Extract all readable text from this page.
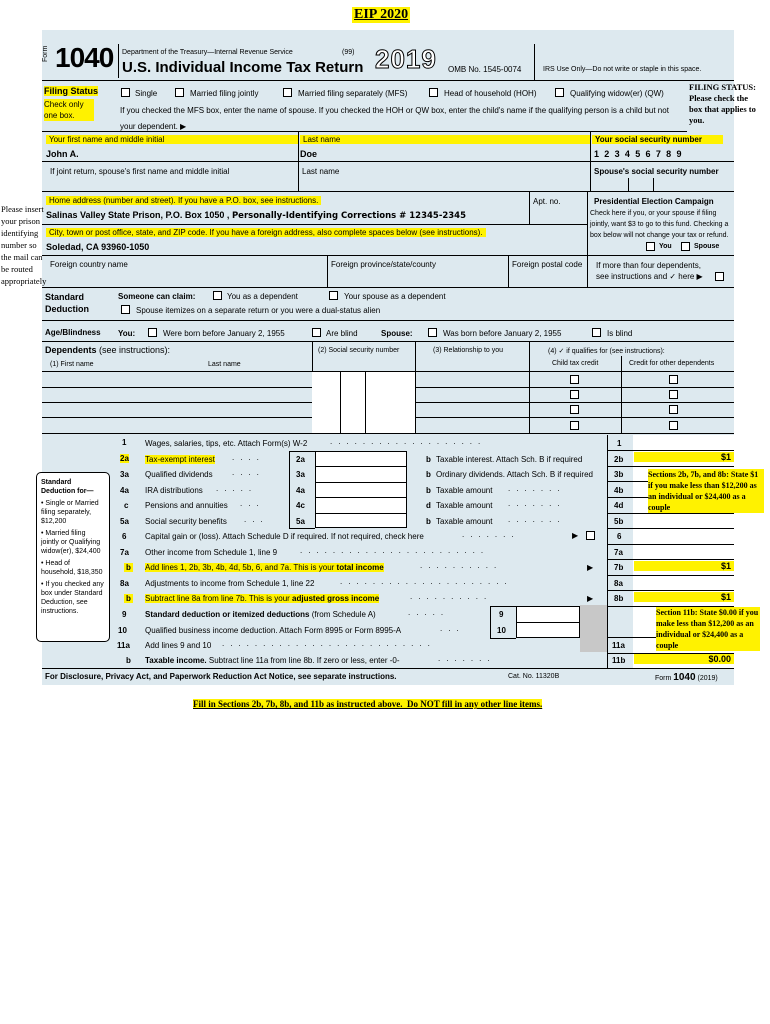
EIP 2020
Form 1040 Department of the Treasury—Internal Revenue Service	(99)
U.S. Individual Income Tax Return 2019 OMB No. 1545-0074	IRS Use Only—Do not write or staple in this space.
Filing Status
Check only one box.
Single	Married filing jointly	Married filing separately (MFS)	Head of household (HOH)	Qualifying widow(er) (QW)
If you checked the MFS box, enter the name of spouse. If you checked the HOH or QW box, enter the child's name if the qualifying person is a child but not your dependent. ▶
FILING STATUS: Please check the box that applies to you.
Your first name and middle initial	Last name	Your social security number
John A.	Doe	1 2 3 4 5 6 7 8 9
If joint return, spouse's first name and middle initial	Last name	Spouse's social security number
Please insert your prison identifying number so the mail can be routed appropriately
Home address (number and street). If you have a P.O. box, see instructions.
Salinas Valley State Prison, P.O. Box 1050 , Personally-Identifying Corrections # 12345-2345
Apt. no.
City, town or post office, state, and ZIP code. If you have a foreign address, also complete spaces below (see instructions).
Soledad, CA 93960-1050
Foreign country name	Foreign province/state/county	Foreign postal code
Presidential Election Campaign
Check here if you, or your spouse if filing jointly, want $3 to go to this fund. Checking a box below will not change your tax or refund.
You	Spouse
If more than four dependents, see instructions and ✓ here ▶
Standard Deduction
Someone can claim:	You as a dependent	Your spouse as a dependent
Spouse itemizes on a separate return or you were a dual-status alien
Age/Blindness You:	Were born before January 2, 1955	Are blind	Spouse:	Was born before January 2, 1955	Is blind
Dependents (see instructions):
(1) First name	Last name
(2) Social security number	(3) Relationship to you	(4) ✓ if qualifies for (see instructions):
Child tax credit	Credit for other dependents
Standard Deduction for—
• Single or Married filing separately, $12,200
• Married filing jointly or Qualifying widow(er), $24,400
• Head of household, $18,350
• If you checked any box under Standard Deduction, see instructions.
1 Wages, salaries, tips, etc. Attach Form(s) W-2	...................	1
2a Tax-exempt interest ....	2a	b Taxable interest. Attach Sch. B if required	2b	$1
3a Qualified dividends ....	3a	b Ordinary dividends. Attach Sch. B if required	3b
4a IRA distributions .....	4a	b Taxable amount .......	4b
c Pensions and annuities ...	4c	d Taxable amount .......	4d
5a Social security benefits ...	5a	b Taxable amount .......	5b
6 Capital gain or (loss). Attach Schedule D if required. If not required, check here	.......	▶	6
7a Other income from Schedule 1, line 9	.......................	7a
b Add lines 1, 2b, 3b, 4b, 4d, 5b, 6, and 7a. This is your total income	..........	▶	7b	$1
8a Adjustments to income from Schedule 1, line 22	.....................	8a
b Subtract line 8a from line 7b. This is your adjusted gross income	..........	▶	8b	$1
9 Standard deduction or itemized deductions (from Schedule A)	.....	9
10 Qualified business income deduction. Attach Form 8995 or Form 8995-A	...	10
11a Add lines 9 and 10 ..........................	11a
b Taxable income. Subtract line 11a from line 8b. If zero or less, enter -0-	.......	11b	$0.00
Sections 2b, 7b, and 8b: State $1 if you make less than $12,200 as an individual or $24,400 as a couple
Section 11b: State $0.00 if you make less than $12,200 as an individual or $24,400 as a couple
For Disclosure, Privacy Act, and Paperwork Reduction Act Notice, see separate instructions.	Cat. No. 11320B	Form 1040 (2019)
Fill in Sections 2b, 7b, 8b, and 11b as instructed above.  Do NOT fill in any other line items.
